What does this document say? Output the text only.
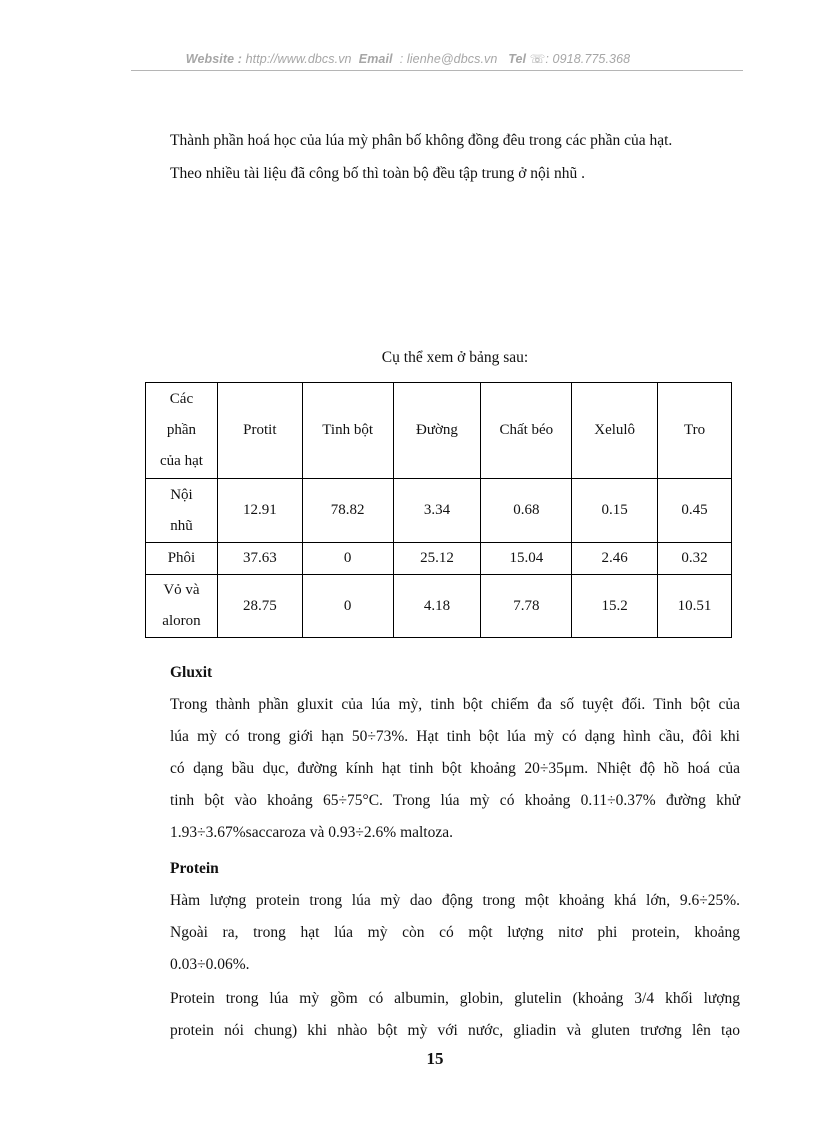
Website : http://www.dbcs.vn Email : lienhe@dbcs.vn Tel ☏: 0918.775.368
Thành phần hoá học của lúa mỳ phân bố không đồng đêu trong các phần của hạt.
Theo nhiều tài liệu đã công bố thì toàn bộ đều tập trung ở nội nhũ .
Cụ thể xem ở bảng sau:
Các
phần
của hạt	Protit	Tinh bột	Đường	Chất béo	Xelulô	Tro
Nội
nhũ	12.91	78.82	3.34	0.68	0.15	0.45
Phôi	37.63	0	25.12	15.04	2.46	0.32
Vỏ và
aloron	28.75	0	4.18	7.78	15.2	10.51
Gluxit
Trong thành phần gluxit của lúa mỳ, tinh bột chiếm đa số tuyệt đối. Tinh bột của
lúa mỳ có trong giới hạn 50÷73%. Hạt tinh bột lúa mỳ có dạng hình cầu, đôi khi
có dạng bầu dục, đường kính hạt tinh bột khoảng 20÷35μm. Nhiệt độ hồ hoá của
tinh bột vào khoảng 65÷75°C. Trong lúa mỳ có khoảng 0.11÷0.37% đường khử
1.93÷3.67%saccaroza và 0.93÷2.6% maltoza.
Protein
Hàm lượng protein trong lúa mỳ dao động trong một khoảng khá lớn, 9.6÷25%.
Ngoài ra, trong hạt lúa mỳ còn có một lượng nitơ phi protein, khoảng
0.03÷0.06%.
Protein trong lúa mỳ gồm có albumin, globin, glutelin (khoảng 3/4 khối lượng
protein nói chung) khi nhào bột mỳ với nước, gliadin và gluten trương lên tạo
15
